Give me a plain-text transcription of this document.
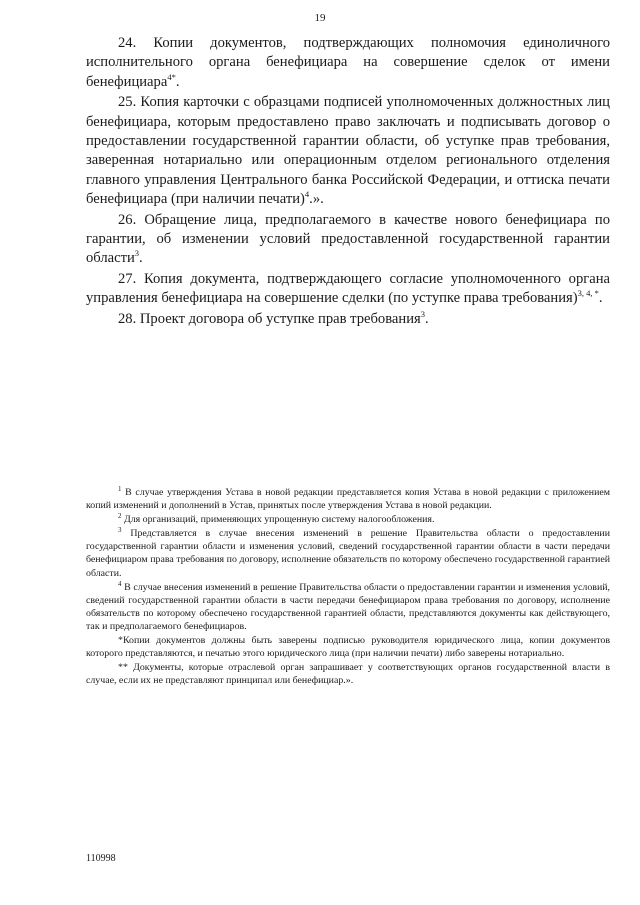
19

24. Копии документов, подтверждающих полномочия единоличного исполнительного органа бенефициара на совершение сделок от имени бенефициара$^{4*}$.

25. Копия карточки с образцами подписей уполномоченных должностных лиц бенефициара, которым предоставлено право заключать и подписывать договор о предоставлении государственной гарантии области, об уступке прав требования, заверенная нотариально или операционным отделом регионального отделения главного управления Центрального банка Российской Федерации, и оттиска печати бенефициара (при наличии печати)$^4$.».

26. Обращение лица, предполагаемого в качестве нового бенефициара по гарантии, об изменении условий предоставленной государственной гарантии области$^3$.

27. Копия документа, подтверждающего согласие уполномоченного органа управления бенефициара на совершение сделки (по уступке права требования)$^{3, 4, *}$.

28. Проект договора об уступке прав требования$^3$.

$^1$ В случае утверждения Устава в новой редакции представляется копия Устава в новой редакции с приложением копий изменений и дополнений в Устав, принятых после утверждения Устава в новой редакции.

$^2$ Для организаций, применяющих упрощенную систему налогообложения.

$^3$ Представляется в случае внесения изменений в решение Правительства области о предоставлении государственной гарантии области и изменения условий, сведений государственной гарантии области в части передачи бенефициаром права требования по договору, исполнение обязательств по которому обеспечено государственной гарантией области.

$^4$ В случае внесения изменений в решение Правительства области о предоставлении гарантии и изменения условий, сведений государственной гарантии области в части передачи бенефициаром права требования по договору, исполнение обязательств по которому обеспечено государственной гарантией области, представляются документы как действующего, так и предполагаемого бенефициаров.

*Копии документов должны быть заверены подписью руководителя юридического лица, копии документов которого представляются, и печатью этого юридического лица (при наличии печати) либо заверены нотариально.

** Документы, которые отраслевой орган запрашивает у соответствующих органов государственной власти в случае, если их не представляют принципал или бенефициар.».

110998
